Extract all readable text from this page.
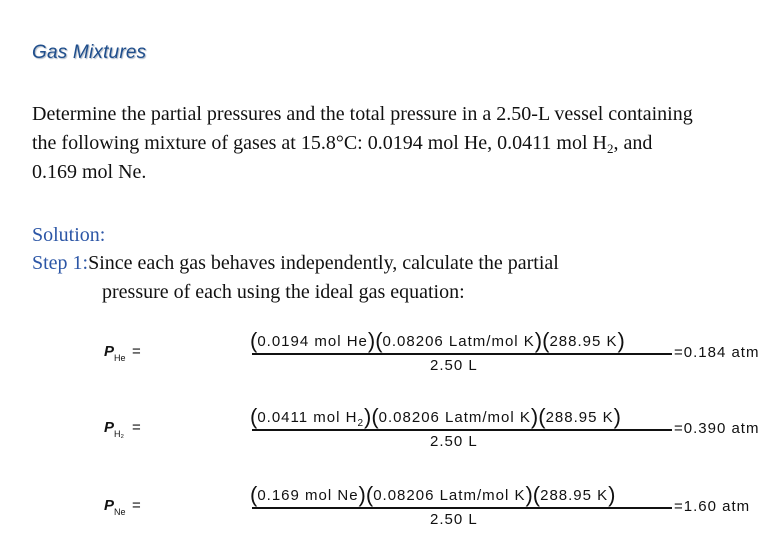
Gas Mixtures
Determine the partial pressures and the total pressure in a 2.50-L vessel containing the following mixture of gases at 15.8°C: 0.0194 mol He, 0.0411 mol $H_2$, and 0.169 mol Ne.
Solution:
Step 1:Since each gas behaves independently, calculate the partial
pressure of each using the ideal gas equation:
$P_{He}$ =	(0.0194 mol He)(0.08206 Latm/mol K)(288.95 K)
2.50 L
=0.184 atm
$P_{H_2}$ =	(0.0411 mol $H_2)(0.08206$ Latm/mol K)(288.95 K)
2.50 L
=0.390 atm
$P_{Ne}$ =	(0.169 mol Ne)(0.08206 Latm/mol K)(288.95 K)
2.50 L
=1.60 atm
